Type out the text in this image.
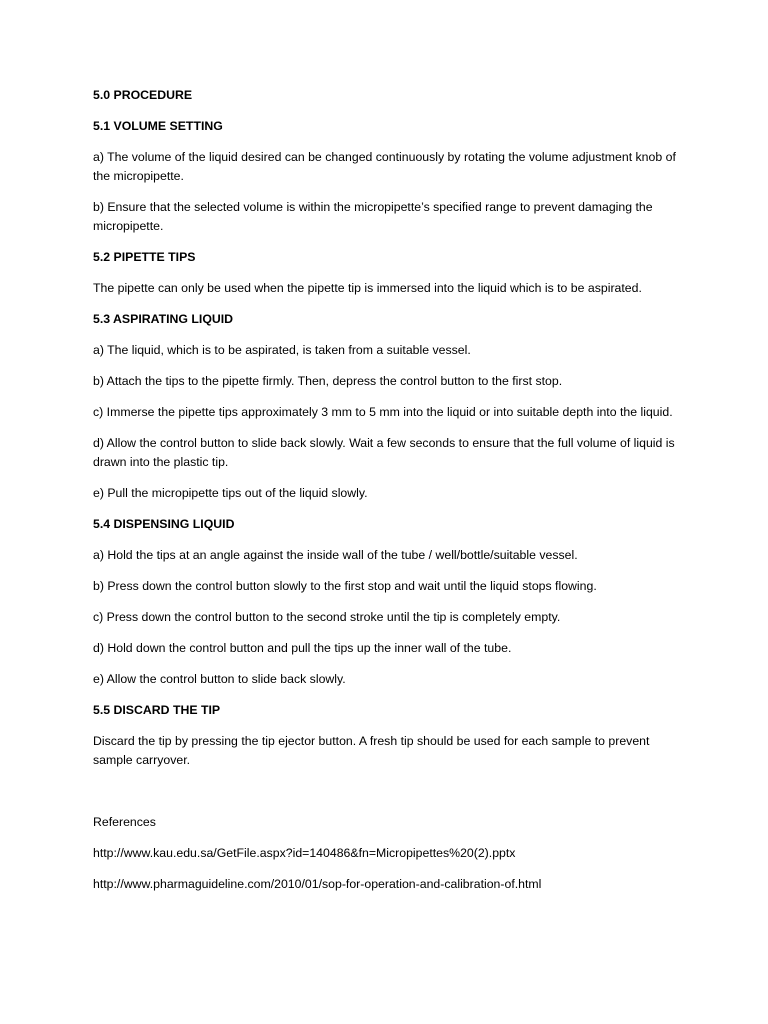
5.0 PROCEDURE

5.1 VOLUME SETTING

a) The volume of the liquid desired can be changed continuously by rotating the volume adjustment knob of the micropipette.

b) Ensure that the selected volume is within the micropipette’s specified range to prevent damaging the micropipette.

5.2 PIPETTE TIPS

The pipette can only be used when the pipette tip is immersed into the liquid which is to be aspirated.

5.3 ASPIRATING LIQUID

a) The liquid, which is to be aspirated, is taken from a suitable vessel.

b) Attach the tips to the pipette firmly. Then, depress the control button to the first stop.

c) Immerse the pipette tips approximately 3 mm to 5 mm into the liquid or into suitable depth into the liquid.

d) Allow the control button to slide back slowly. Wait a few seconds to ensure that the full volume of liquid is drawn into the plastic tip.

e) Pull the micropipette tips out of the liquid slowly.

5.4 DISPENSING LIQUID

a) Hold the tips at an angle against the inside wall of the tube / well/bottle/suitable vessel.

b) Press down the control button slowly to the first stop and wait until the liquid stops flowing.

c) Press down the control button to the second stroke until the tip is completely empty.

d) Hold down the control button and pull the tips up the inner wall of the tube.

e) Allow the control button to slide back slowly.

5.5 DISCARD THE TIP

Discard the tip by pressing the tip ejector button. A fresh tip should be used for each sample to prevent sample carryover.

References

http://www.kau.edu.sa/GetFile.aspx?id=140486&fn=Micropipettes%20(2).pptx

http://www.pharmaguideline.com/2010/01/sop-for-operation-and-calibration-of.html
